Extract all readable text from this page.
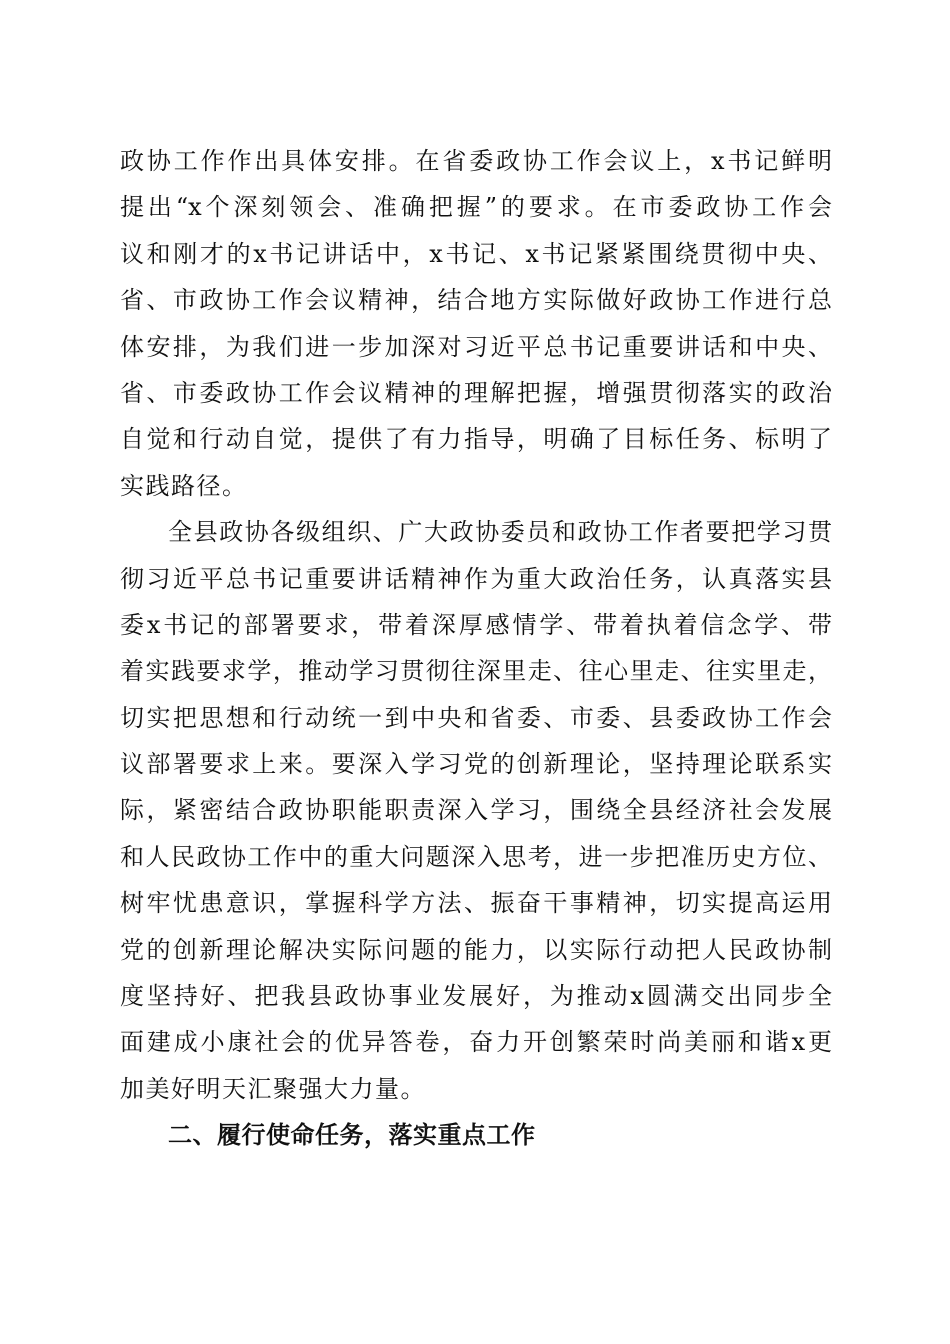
政协工作作出具体安排。在省委政协工作会议上，x书记鲜明
提出“x个深刻领会、准确把握”的要求。在市委政协工作会
议和刚才的x书记讲话中，x书记、x书记紧紧围绕贯彻中央、
省、市政协工作会议精神，结合地方实际做好政协工作进行总
体安排，为我们进一步加深对习近平总书记重要讲话和中央、
省、市委政协工作会议精神的理解把握，增强贯彻落实的政治
自觉和行动自觉，提供了有力指导，明确了目标任务、标明了
实践路径。
全县政协各级组织、广大政协委员和政协工作者要把学习贯
彻习近平总书记重要讲话精神作为重大政治任务，认真落实县
委x书记的部署要求，带着深厚感情学、带着执着信念学、带
着实践要求学，推动学习贯彻往深里走、往心里走、往实里走，
切实把思想和行动统一到中央和省委、市委、县委政协工作会
议部署要求上来。要深入学习党的创新理论，坚持理论联系实
际，紧密结合政协职能职责深入学习，围绕全县经济社会发展
和人民政协工作中的重大问题深入思考，进一步把准历史方位、
树牢忧患意识，掌握科学方法、振奋干事精神，切实提高运用
党的创新理论解决实际问题的能力，以实际行动把人民政协制
度坚持好、把我县政协事业发展好，为推动x圆满交出同步全
面建成小康社会的优异答卷，奋力开创繁荣时尚美丽和谐x更
加美好明天汇聚强大力量。
二、履行使命任务，落实重点工作
